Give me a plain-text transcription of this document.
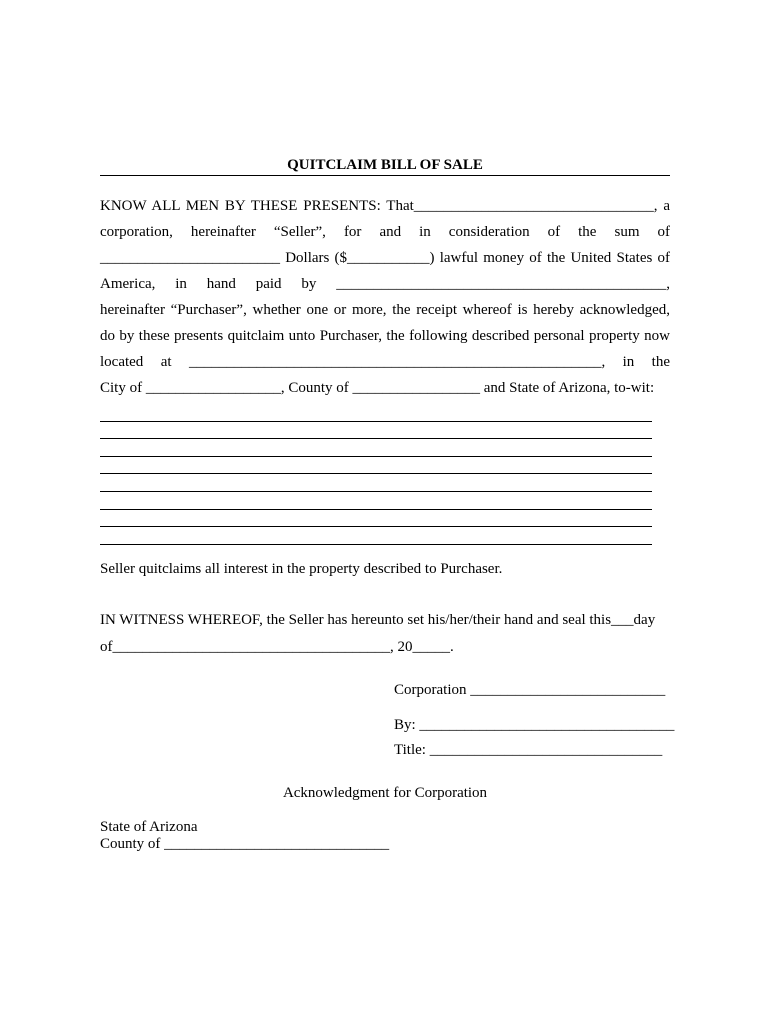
QUITCLAIM BILL OF SALE
KNOW ALL MEN BY THESE PRESENTS: That________________________________, a
corporation, hereinafter “Seller”, for and in consideration of the sum of
________________________ Dollars ($___________) lawful money of the United States of
America, in hand paid by ____________________________________________,
hereinafter “Purchaser”, whether one or more, the receipt whereof is hereby acknowledged,
do by these presents quitclaim unto Purchaser, the following described personal property now
located at _______________________________________________________, in the
City of __________________, County of _________________ and State of Arizona, to-wit:
Seller quitclaims all interest in the property described to Purchaser.
IN WITNESS WHEREOF, the Seller has hereunto set his/her/their hand and seal this___day
of_____________________________________, 20_____.
Corporation __________________________
By: __________________________________
Title: _______________________________
Acknowledgment for Corporation
State of Arizona
County of ______________________________
